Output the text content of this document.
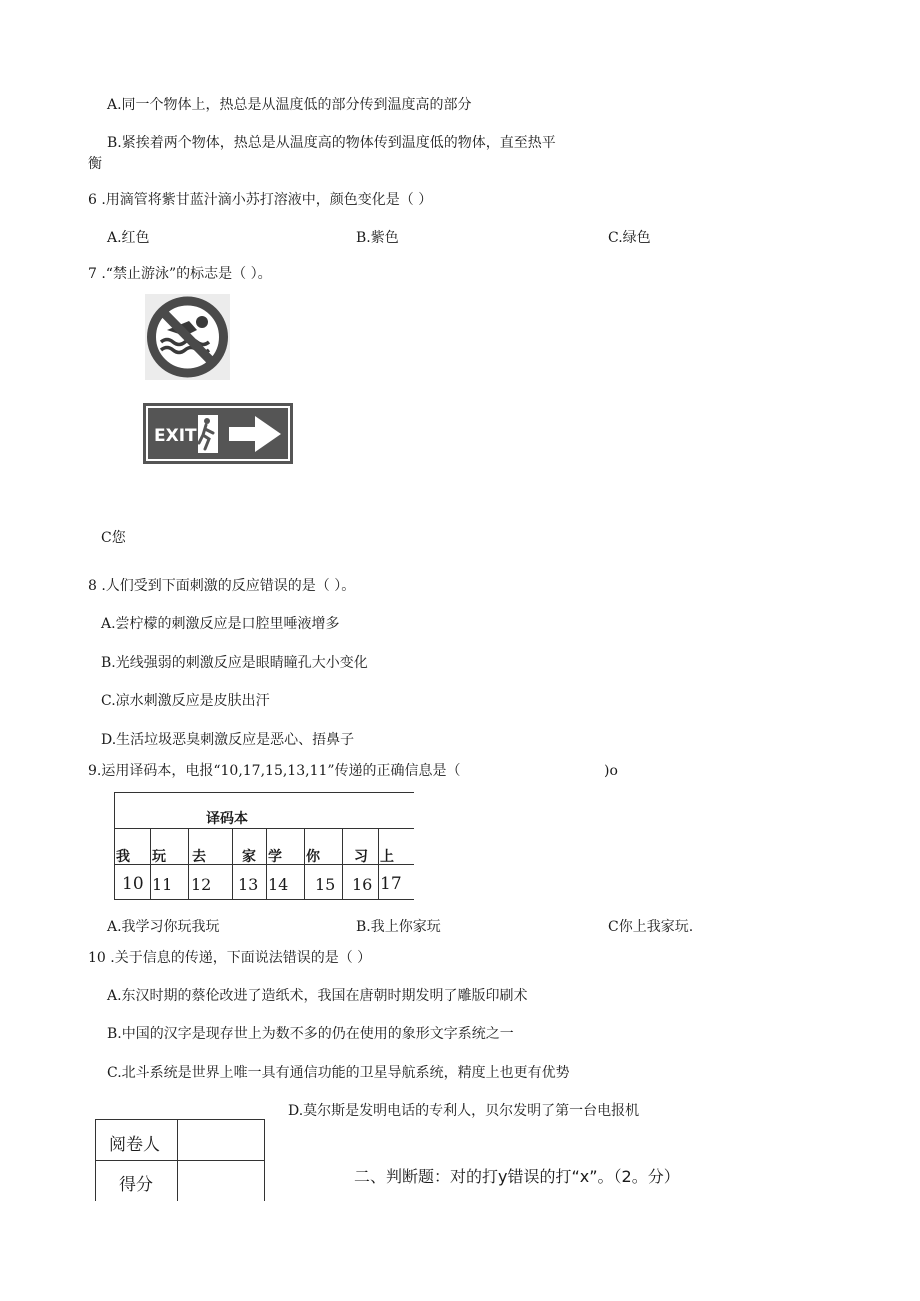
A.同一个物体上，热总是从温度低的部分传到温度高的部分
B.紧挨着两个物体，热总是从温度高的物体传到温度低的物体，直至热平
衡
6 .用滴管将紫甘蓝汁滴小苏打溶液中，颜色变化是（ ）
A.红色	B.紫色	C.绿色
7 .“禁止游泳”的标志是（ ）。
EXIT
C您
8 .人们受到下面刺激的反应错误的是（ ）。
A.尝柠檬的刺激反应是口腔里唾液增多
B.光线强弱的刺激反应是眼睛瞳孔大小变化
C.凉水刺激反应是皮肤出汗
D.生活垃圾恶臭刺激反应是恶心、捂鼻子
9.运用译码本，电报“10,17,15,13,11”传递的正确信息是（	)o
译码本
我 玩 去	家 学 你 习 上
10 11 12 13 14 15 16 17
A.我学习你玩我玩	B.我上你家玩	C你上我家玩.
10 .关于信息的传递，下面说法错误的是（ ）
A.东汉时期的蔡伦改进了造纸术，我国在唐朝时期发明了雕版印刷术
B.中国的汉字是现存世上为数不多的仍在使用的象形文字系统之一
C.北斗系统是世界上唯一具有通信功能的卫星导航系统，精度上也更有优势
D.莫尔斯是发明电话的专利人，贝尔发明了第一台电报机
阅卷人
得分	二、判断题：对的打y错误的打“x”。（2。分）
